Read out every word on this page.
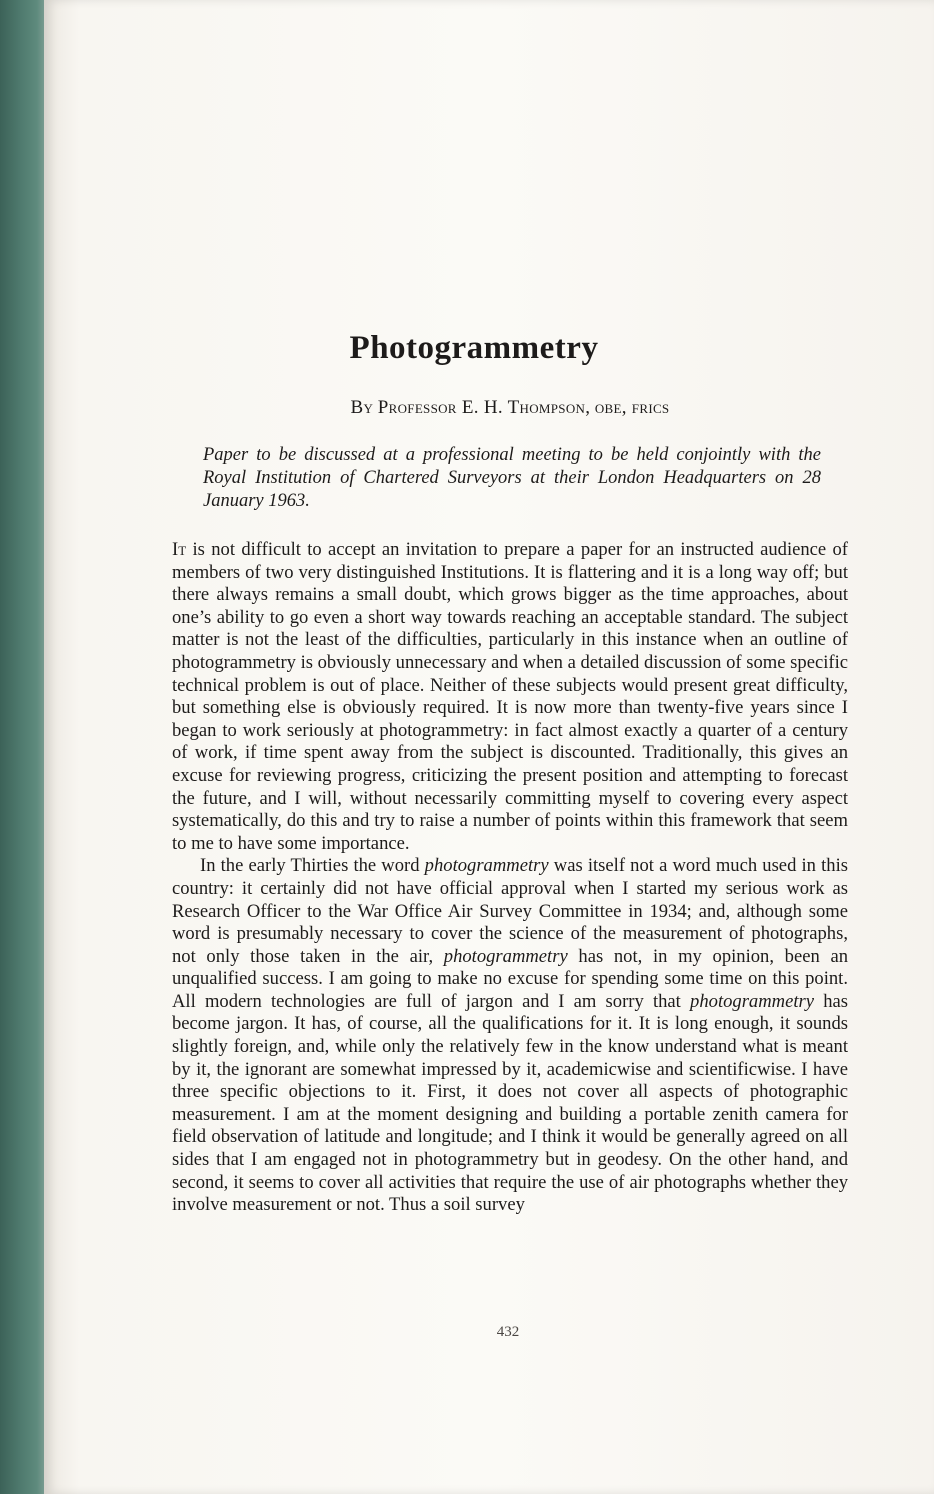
Photogrammetry

By Professor E. H. Thompson, obe, frics

Paper to be discussed at a professional meeting to be held conjointly with the Royal Institution of Chartered Surveyors at their London Headquarters on 28 January 1963.

It is not difficult to accept an invitation to prepare a paper for an instructed audience of members of two very distinguished Institutions. It is flattering and it is a long way off; but there always remains a small doubt, which grows bigger as the time approaches, about one’s ability to go even a short way towards reaching an acceptable standard. The subject matter is not the least of the difficulties, particularly in this instance when an outline of photogrammetry is obviously unnecessary and when a detailed discussion of some specific technical problem is out of place. Neither of these subjects would present great difficulty, but something else is obviously required. It is now more than twenty-five years since I began to work seriously at photogrammetry: in fact almost exactly a quarter of a century of work, if time spent away from the subject is discounted. Traditionally, this gives an excuse for reviewing progress, criticizing the present position and attempting to forecast the future, and I will, without necessarily committing myself to covering every aspect systematically, do this and try to raise a number of points within this framework that seem to me to have some importance.

In the early Thirties the word photogrammetry was itself not a word much used in this country: it certainly did not have official approval when I started my serious work as Research Officer to the War Office Air Survey Committee in 1934; and, although some word is presumably necessary to cover the science of the measurement of photographs, not only those taken in the air, photogrammetry has not, in my opinion, been an unqualified success. I am going to make no excuse for spending some time on this point. All modern technologies are full of jargon and I am sorry that photogrammetry has become jargon. It has, of course, all the qualifications for it. It is long enough, it sounds slightly foreign, and, while only the relatively few in the know understand what is meant by it, the ignorant are somewhat impressed by it, academicwise and scientificwise. I have three specific objections to it. First, it does not cover all aspects of photographic measurement. I am at the moment designing and building a portable zenith camera for field observation of latitude and longitude; and I think it would be generally agreed on all sides that I am engaged not in photogrammetry but in geodesy. On the other hand, and second, it seems to cover all activities that require the use of air photographs whether they involve measurement or not. Thus a soil survey

432
